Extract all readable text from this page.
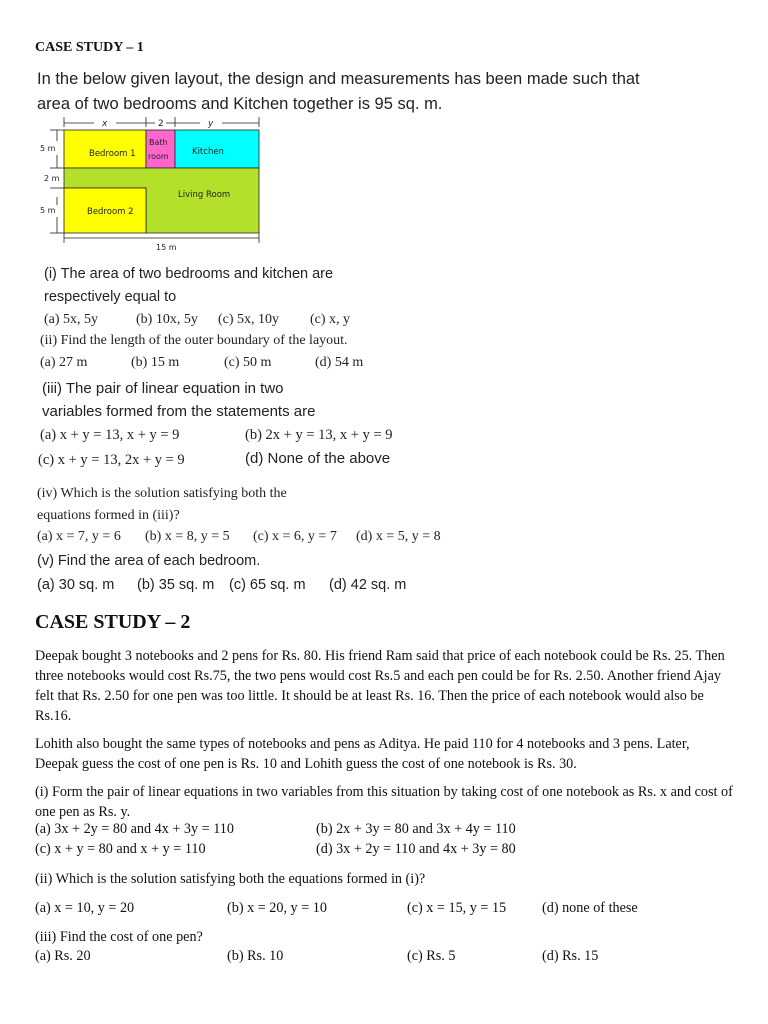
CASE STUDY – 1
In the below given layout, the design and measurements has been made such that
area of two bedrooms and Kitchen together is 95 sq. m.
x	2	y
Bedroom 1
Bath
room	Kitchen
Living Room
Bedroom 2
5 m
2 m
5 m
15 m
(i) The area of two bedrooms and kitchen are
respectively equal to
(a) 5x, 5y	(b) 10x, 5y (c) 5x, 10y (c) x, y
(ii) Find the length of the outer boundary of the layout.
(a) 27 m	(b) 15 m	(c) 50 m	(d) 54 m
(iii) The pair of linear equation in two
variables formed from the statements are
(a) x + y = 13, x + y = 9	(b) 2x + y = 13, x + y = 9
(c) x + y = 13, 2x + y = 9	(d) None of the above
(iv) Which is the solution satisfying both the
equations formed in (iii)?
(a) x = 7, y = 6 (b) x = 8, y = 5 (c) x = 6, y = 7 (d) x = 5, y = 8
(v) Find the area of each bedroom.
(a) 30 sq. m (b) 35 sq. m (c) 65 sq. m (d) 42 sq. m
CASE STUDY – 2
Deepak bought 3 notebooks and 2 pens for Rs. 80. His friend Ram said that price of each notebook could be Rs. 25. Then three notebooks would cost Rs.75, the two pens would cost Rs.5 and each pen could be for Rs. 2.50. Another friend Ajay felt that Rs. 2.50 for one pen was too little. It should be at least Rs. 16. Then the price of each notebook would also be Rs.16.
Lohith also bought the same types of notebooks and pens as Aditya. He paid 110 for 4 notebooks and 3 pens. Later, Deepak guess the cost of one pen is Rs. 10 and Lohith guess the cost of one notebook is Rs. 30.
(i) Form the pair of linear equations in two variables from this situation by taking cost of one notebook as Rs. x and cost of one pen as Rs. y.
(a) 3x + 2y = 80 and 4x + 3y = 110	(b) 2x + 3y = 80 and 3x + 4y = 110
(c) x + y = 80 and x + y = 110	(d) 3x + 2y = 110 and 4x + 3y = 80
(ii) Which is the solution satisfying both the equations formed in (i)?
(a) x = 10, y = 20	(b) x = 20, y = 10	(c) x = 15, y = 15	(d) none of these
(iii) Find the cost of one pen?
(a) Rs. 20	(b) Rs. 10	(c) Rs. 5	(d) Rs. 15
